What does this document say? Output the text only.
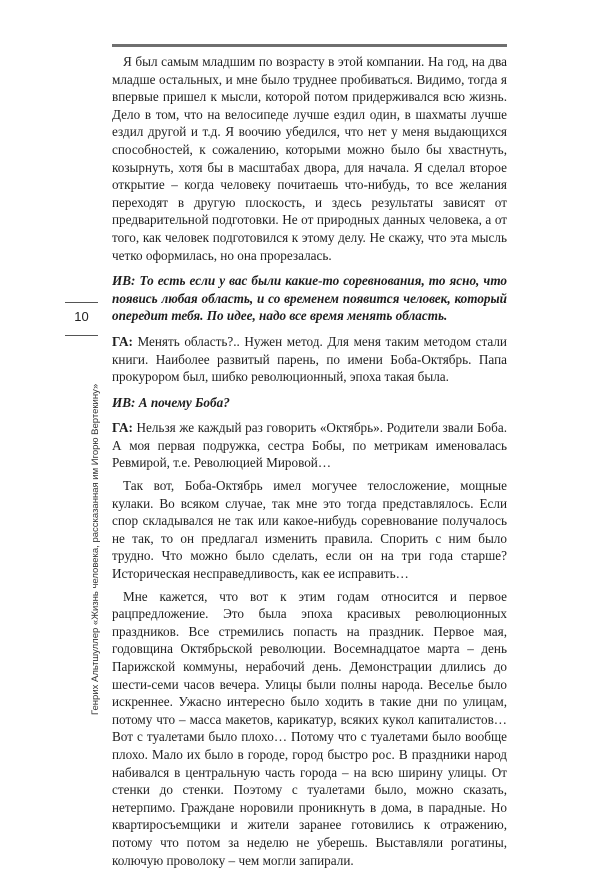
Я был самым младшим по возрасту в этой компании. На год, на два младше остальных, и мне было труднее пробиваться. Видимо, тогда я впервые пришел к мысли, которой потом придерживался всю жизнь. Дело в том, что на велосипеде лучше ездил один, в шахматы лучше ездил другой и т.д. Я воочию убедился, что нет у меня выдающихся способностей, к сожалению, которыми можно было бы хвастнуть, козырнуть, хотя бы в масштабах двора, для начала. Я сделал второе открытие – когда человеку почитаешь что-нибудь, то все желания переходят в другую плоскость, и здесь результаты зависят от предварительной подготовки. Не от природных данных человека, а от того, как человек подготовился к этому делу. Не скажу, что эта мысль четко оформилась, но она прорезалась.

ИВ: То есть если у вас были какие-то соревнования, то ясно, что появись любая область, и со временем появится человек, который опередит тебя. По идее, надо все время менять область.

ГА: Менять область?.. Нужен метод. Для меня таким методом стали книги. Наиболее развитый парень, по имени Боба-Октябрь. Папа прокурором был, шибко революционный, эпоха такая была.

ИВ: А почему Боба?

ГА: Нельзя же каждый раз говорить «Октябрь». Родители звали Боба. А моя первая подружка, сестра Бобы, по метрикам именовалась Ревмирой, т.е. Революцией Мировой…

Так вот, Боба-Октябрь имел могучее телосложение, мощные кулаки. Во всяком случае, так мне это тогда представлялось. Если спор складывался не так или какое-нибудь соревнование получалось не так, то он предлагал изменить правила. Спорить с ним было трудно. Что можно было сделать, если он на три года старше? Историческая несправедливость, как ее исправить…

Мне кажется, что вот к этим годам относится и первое рацпредложение. Это была эпоха красивых революционных праздников. Все стремились попасть на праздник. Первое мая, годовщина Октябрьской революции. Восемнадцатое марта – день Парижской коммуны, нерабочий день. Демонстрации длились до шести-семи часов вечера. Улицы были полны народа. Веселье было искреннее. Ужасно интересно было ходить в такие дни по улицам, потому что – масса макетов, карикатур, всяких кукол капиталистов… Вот с туалетами было плохо… Потому что с туалетами было вообще плохо. Мало их было в городе, город быстро рос. В праздники народ набивался в центральную часть города – на всю ширину улицы. От стенки до стенки. Поэтому с туалетами было, можно сказать, нетерпимо. Граждане норовили проникнуть в дома, в парадные. Но квартиросъемщики и жители заранее готовились к отражению, потому что потом за неделю не уберешь. Выставляли рогатины, колючую проволоку – чем могли запирали.

10
Генрих Альтшуллер «Жизнь человека, рассказанная им Игорю Вертекину»
